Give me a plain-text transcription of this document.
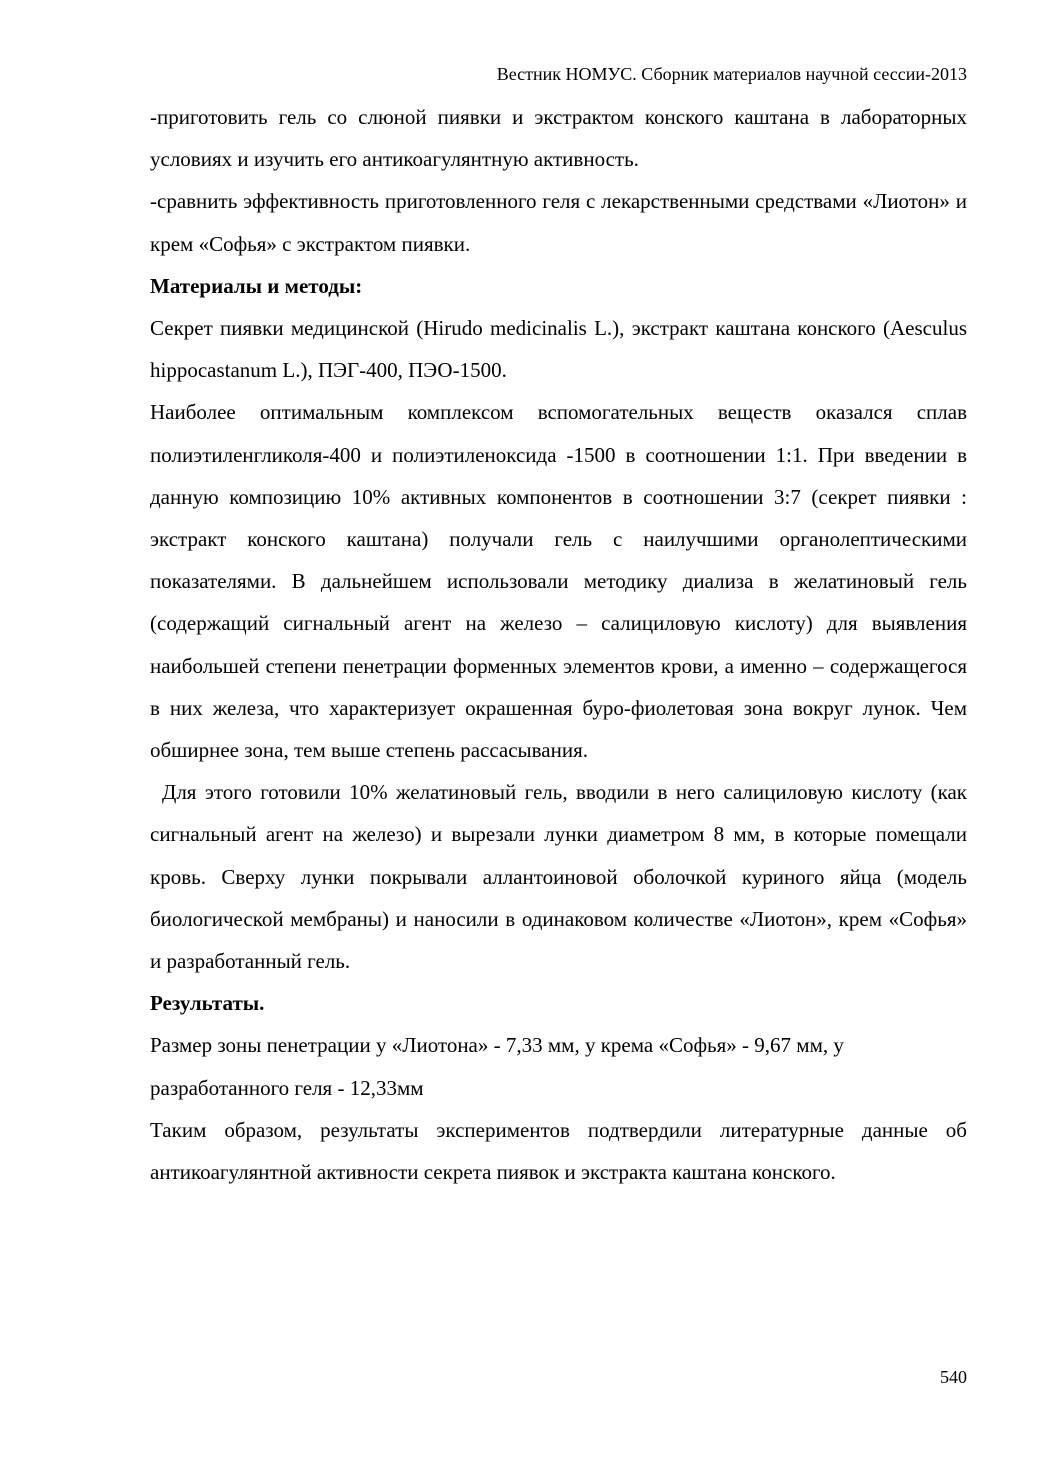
Вестник НОМУС. Сборник материалов научной сессии-2013

-приготовить гель со слюной пиявки и экстрактом конского каштана в лабораторных условиях и изучить его антикоагулянтную активность.

-сравнить эффективность приготовленного геля с лекарственными средствами «Лиотон» и крем «Софья» с экстрактом пиявки.

Материалы и методы:

Секрет пиявки медицинской (Hirudo medicinalis L.), экстракт каштана конского (Aesculus hippocastanum L.), ПЭГ-400, ПЭО-1500.

Наиболее оптимальным комплексом вспомогательных веществ оказался сплав полиэтиленгликоля-400 и полиэтиленоксида -1500 в соотношении 1:1. При введении в данную композицию 10% активных компонентов в соотношении 3:7 (секрет пиявки : экстракт конского каштана) получали гель с наилучшими органолептическими показателями. В дальнейшем использовали методику диализа в желатиновый гель (содержащий сигнальный агент на железо – салициловую кислоту) для выявления наибольшей степени пенетрации форменных элементов крови, а именно – содержащегося в них железа, что характеризует окрашенная буро-фиолетовая зона вокруг лунок. Чем обширнее зона, тем выше степень рассасывания.

Для этого готовили 10% желатиновый гель, вводили в него салициловую кислоту (как сигнальный агент на железо) и вырезали лунки диаметром 8 мм, в которые помещали кровь. Сверху лунки покрывали аллантоиновой оболочкой куриного яйца (модель биологической мембраны) и наносили в одинаковом количестве «Лиотон», крем «Софья» и разработанный гель.

Результаты.

Размер зоны пенетрации у «Лиотона» - 7,33 мм, у крема «Софья» - 9,67 мм, у разработанного геля - 12,33мм

Таким образом, результаты экспериментов подтвердили литературные данные об антикоагулянтной активности секрета пиявок и экстракта каштана конского.

540
